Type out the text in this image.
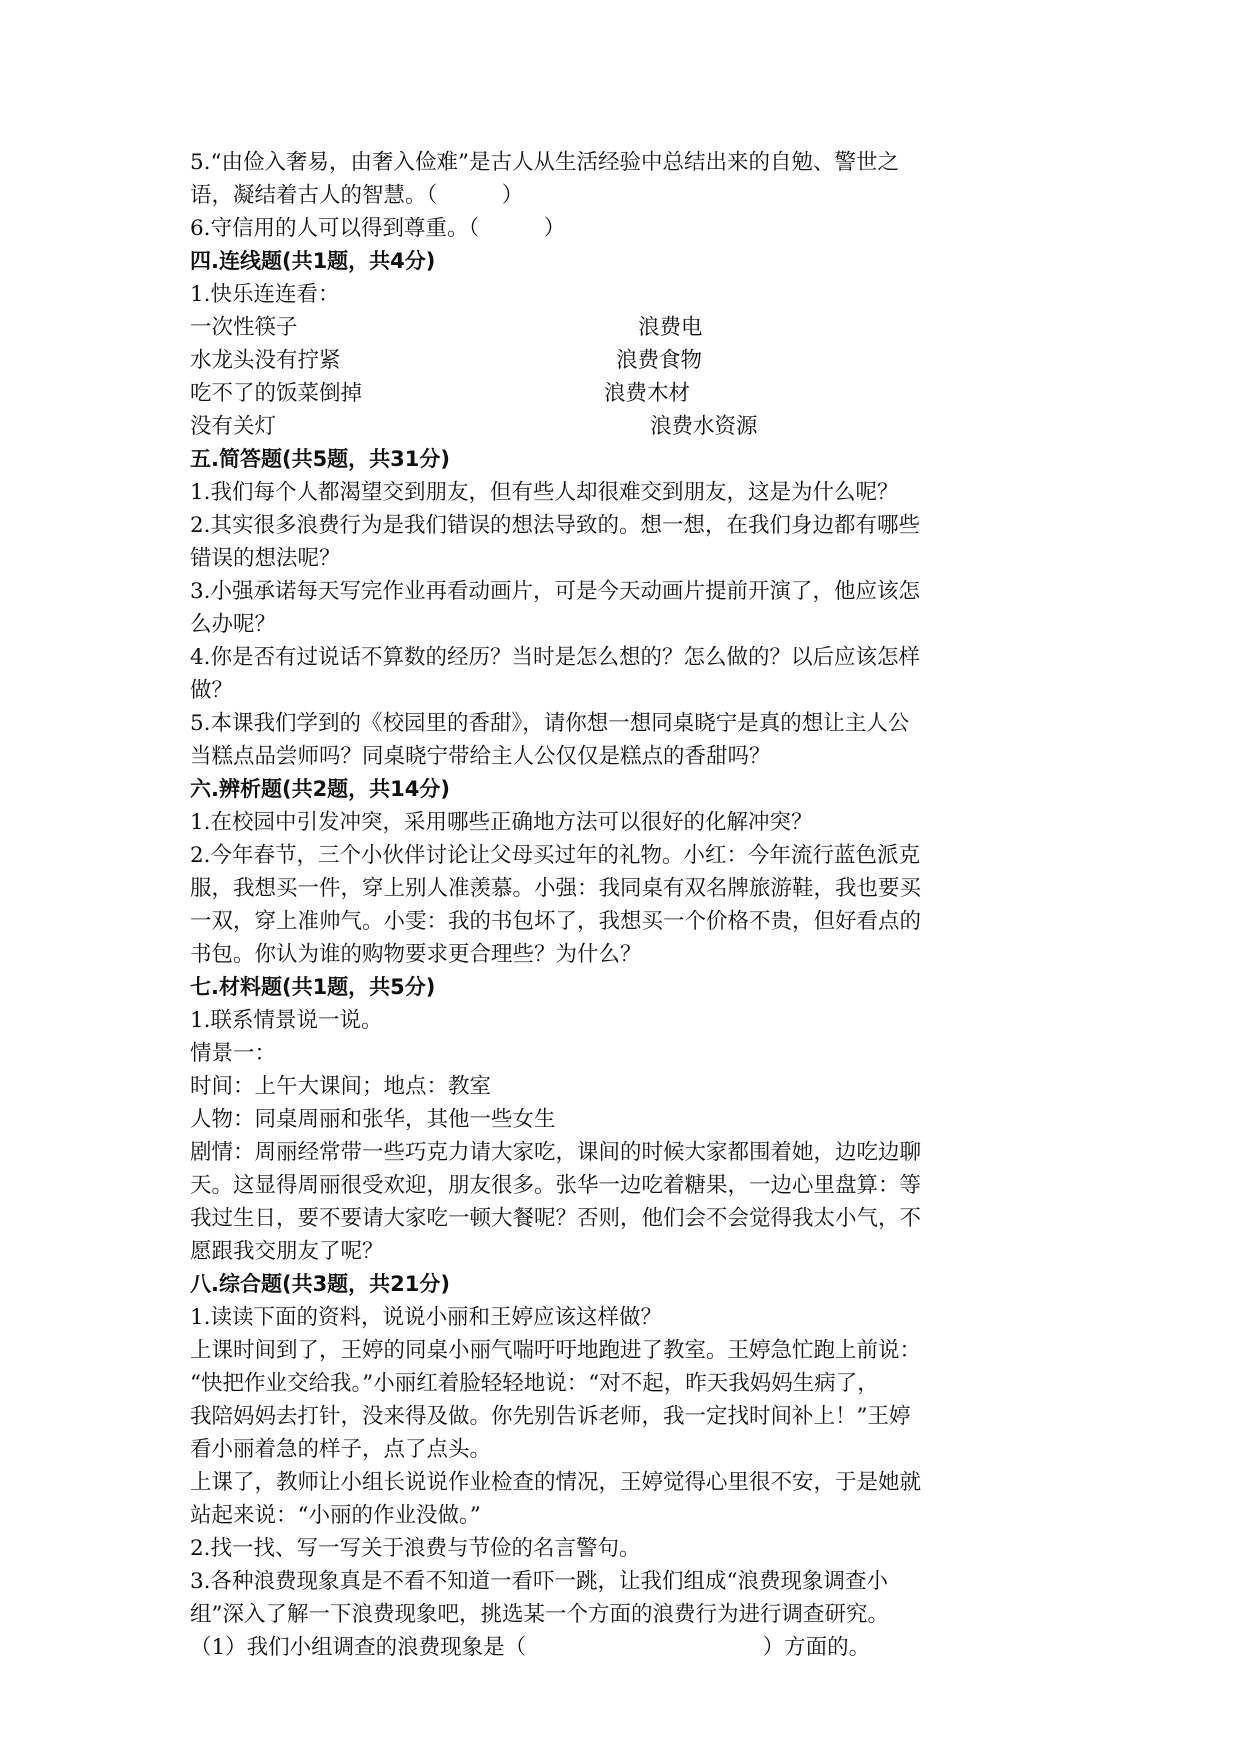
5.“由俭入奢易，由奢入俭难”是古人从生活经验中总结出来的自勉、警世之
语，凝结着古人的智慧。（　　　）
6.守信用的人可以得到尊重。（　　　）
四.连线题(共1题，共4分)
1.快乐连连看：
一次性筷子	浪费电
水龙头没有拧紧	浪费食物
吃不了的饭菜倒掉	浪费木材
没有关灯	浪费水资源
五.简答题(共5题，共31分)
1.我们每个人都渴望交到朋友，但有些人却很难交到朋友，这是为什么呢？
2.其实很多浪费行为是我们错误的想法导致的。想一想，在我们身边都有哪些
错误的想法呢？
3.小强承诺每天写完作业再看动画片，可是今天动画片提前开演了，他应该怎
么办呢？
4.你是否有过说话不算数的经历？当时是怎么想的？怎么做的？以后应该怎样
做？
5.本课我们学到的《校园里的香甜》，请你想一想同桌晓宁是真的想让主人公
当糕点品尝师吗？同桌晓宁带给主人公仅仅是糕点的香甜吗？
六.辨析题(共2题，共14分)
1.在校园中引发冲突，采用哪些正确地方法可以很好的化解冲突？
2.今年春节，三个小伙伴讨论让父母买过年的礼物。小红：今年流行蓝色派克
服，我想买一件，穿上别人准羡慕。小强：我同桌有双名牌旅游鞋，我也要买
一双，穿上准帅气。小雯：我的书包坏了，我想买一个价格不贵，但好看点的
书包。你认为谁的购物要求更合理些？为什么？
七.材料题(共1题，共5分)
1.联系情景说一说。
情景一：
时间：上午大课间；地点：教室
人物：同桌周丽和张华，其他一些女生
剧情：周丽经常带一些巧克力请大家吃，课间的时候大家都围着她，边吃边聊
天。这显得周丽很受欢迎，朋友很多。张华一边吃着糖果，一边心里盘算：等
我过生日，要不要请大家吃一顿大餐呢？否则，他们会不会觉得我太小气，不
愿跟我交朋友了呢？
八.综合题(共3题，共21分)
1.读读下面的资料，说说小丽和王婷应该这样做？
上课时间到了，王婷的同桌小丽气喘吁吁地跑进了教室。王婷急忙跑上前说：
“快把作业交给我。”小丽红着脸轻轻地说：“对不起，昨天我妈妈生病了，
我陪妈妈去打针，没来得及做。你先别告诉老师，我一定找时间补上！”王婷
看小丽着急的样子，点了点头。
上课了，教师让小组长说说作业检查的情况，王婷觉得心里很不安，于是她就
站起来说：“小丽的作业没做。”
2.找一找、写一写关于浪费与节俭的名言警句。
3.各种浪费现象真是不看不知道一看吓一跳，让我们组成“浪费现象调查小
组”深入了解一下浪费现象吧，挑选某一个方面的浪费行为进行调查研究。
（1）我们小组调查的浪费现象是（　　　　　　　　　　　）方面的。
